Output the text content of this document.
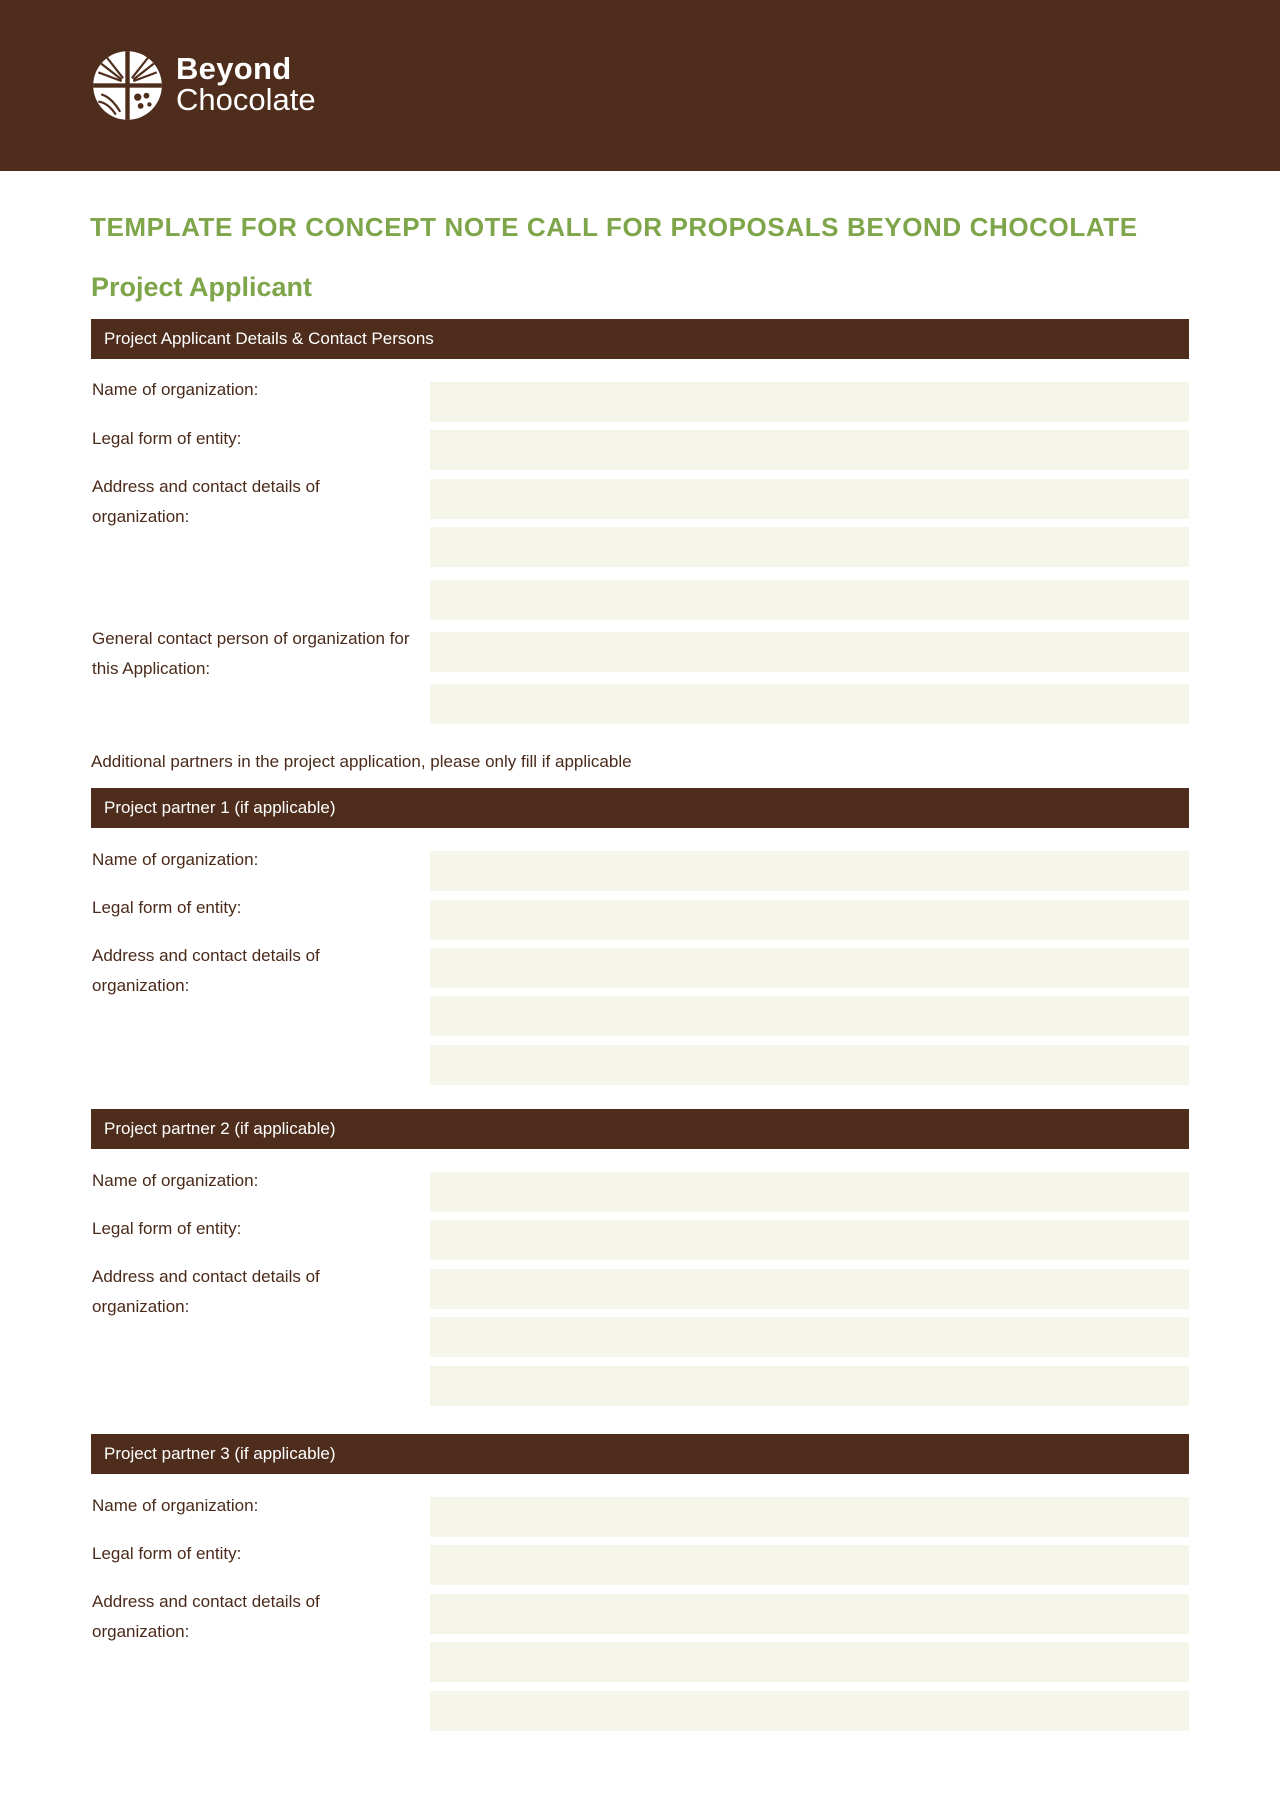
Beyond
Chocolate
TEMPLATE FOR CONCEPT NOTE CALL FOR PROPOSALS BEYOND CHOCOLATE
Project Applicant
Project Applicant Details & Contact Persons
Name of organization:
Legal form of entity:
Address and contact details of organization:
General contact person of organization for this Application:
Additional partners in the project application, please only fill if applicable
Project partner 1 (if applicable)
Name of organization:
Legal form of entity:
Address and contact details of organization:
Project partner 2 (if applicable)
Name of organization:
Legal form of entity:
Address and contact details of organization:
Project partner 3 (if applicable)
Name of organization:
Legal form of entity:
Address and contact details of organization:
